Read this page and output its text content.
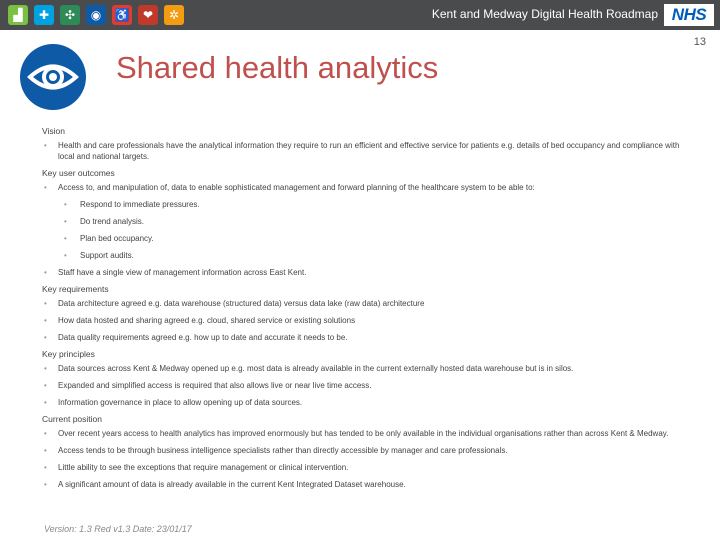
▟	✚	✣	◉	♿	❤	✲	Kent and Medway Digital Health Roadmap NHS
13
Shared health analytics
Vision
• Health and care professionals have the analytical information they require to run an efficient and effective service for patients e.g. details of bed occupancy and compliance with local and national targets.
Key user outcomes
• Access to, and manipulation of, data to enable sophisticated management and forward planning of the healthcare system to be able to:
• Respond to immediate pressures.
• Do trend analysis.
• Plan bed occupancy.
• Support audits.
• Staff have a single view of management information across East Kent.
Key requirements
• Data architecture agreed e.g. data warehouse (structured data) versus data lake (raw data) architecture
• How data hosted and sharing agreed e.g. cloud, shared service or existing solutions
• Data quality requirements agreed e.g. how up to date and accurate it needs to be.
Key principles
• Data sources across Kent & Medway opened up e.g. most data is already available in the current externally hosted data warehouse but is in silos.
• Expanded and simplified access is required that also allows live or near live time access.
• Information governance in place to allow opening up of data sources.
Current position
• Over recent years access to health analytics has improved enormously but has tended to be only available in the individual organisations rather than across Kent & Medway.
• Access tends to be through business intelligence specialists rather than directly accessible by manager and care professionals.
• Little ability to see the exceptions that require management or clinical intervention.
• A significant amount of data is already available in the current Kent Integrated Dataset warehouse.
Version: 1.3 Red v1.3 Date: 23/01/17
